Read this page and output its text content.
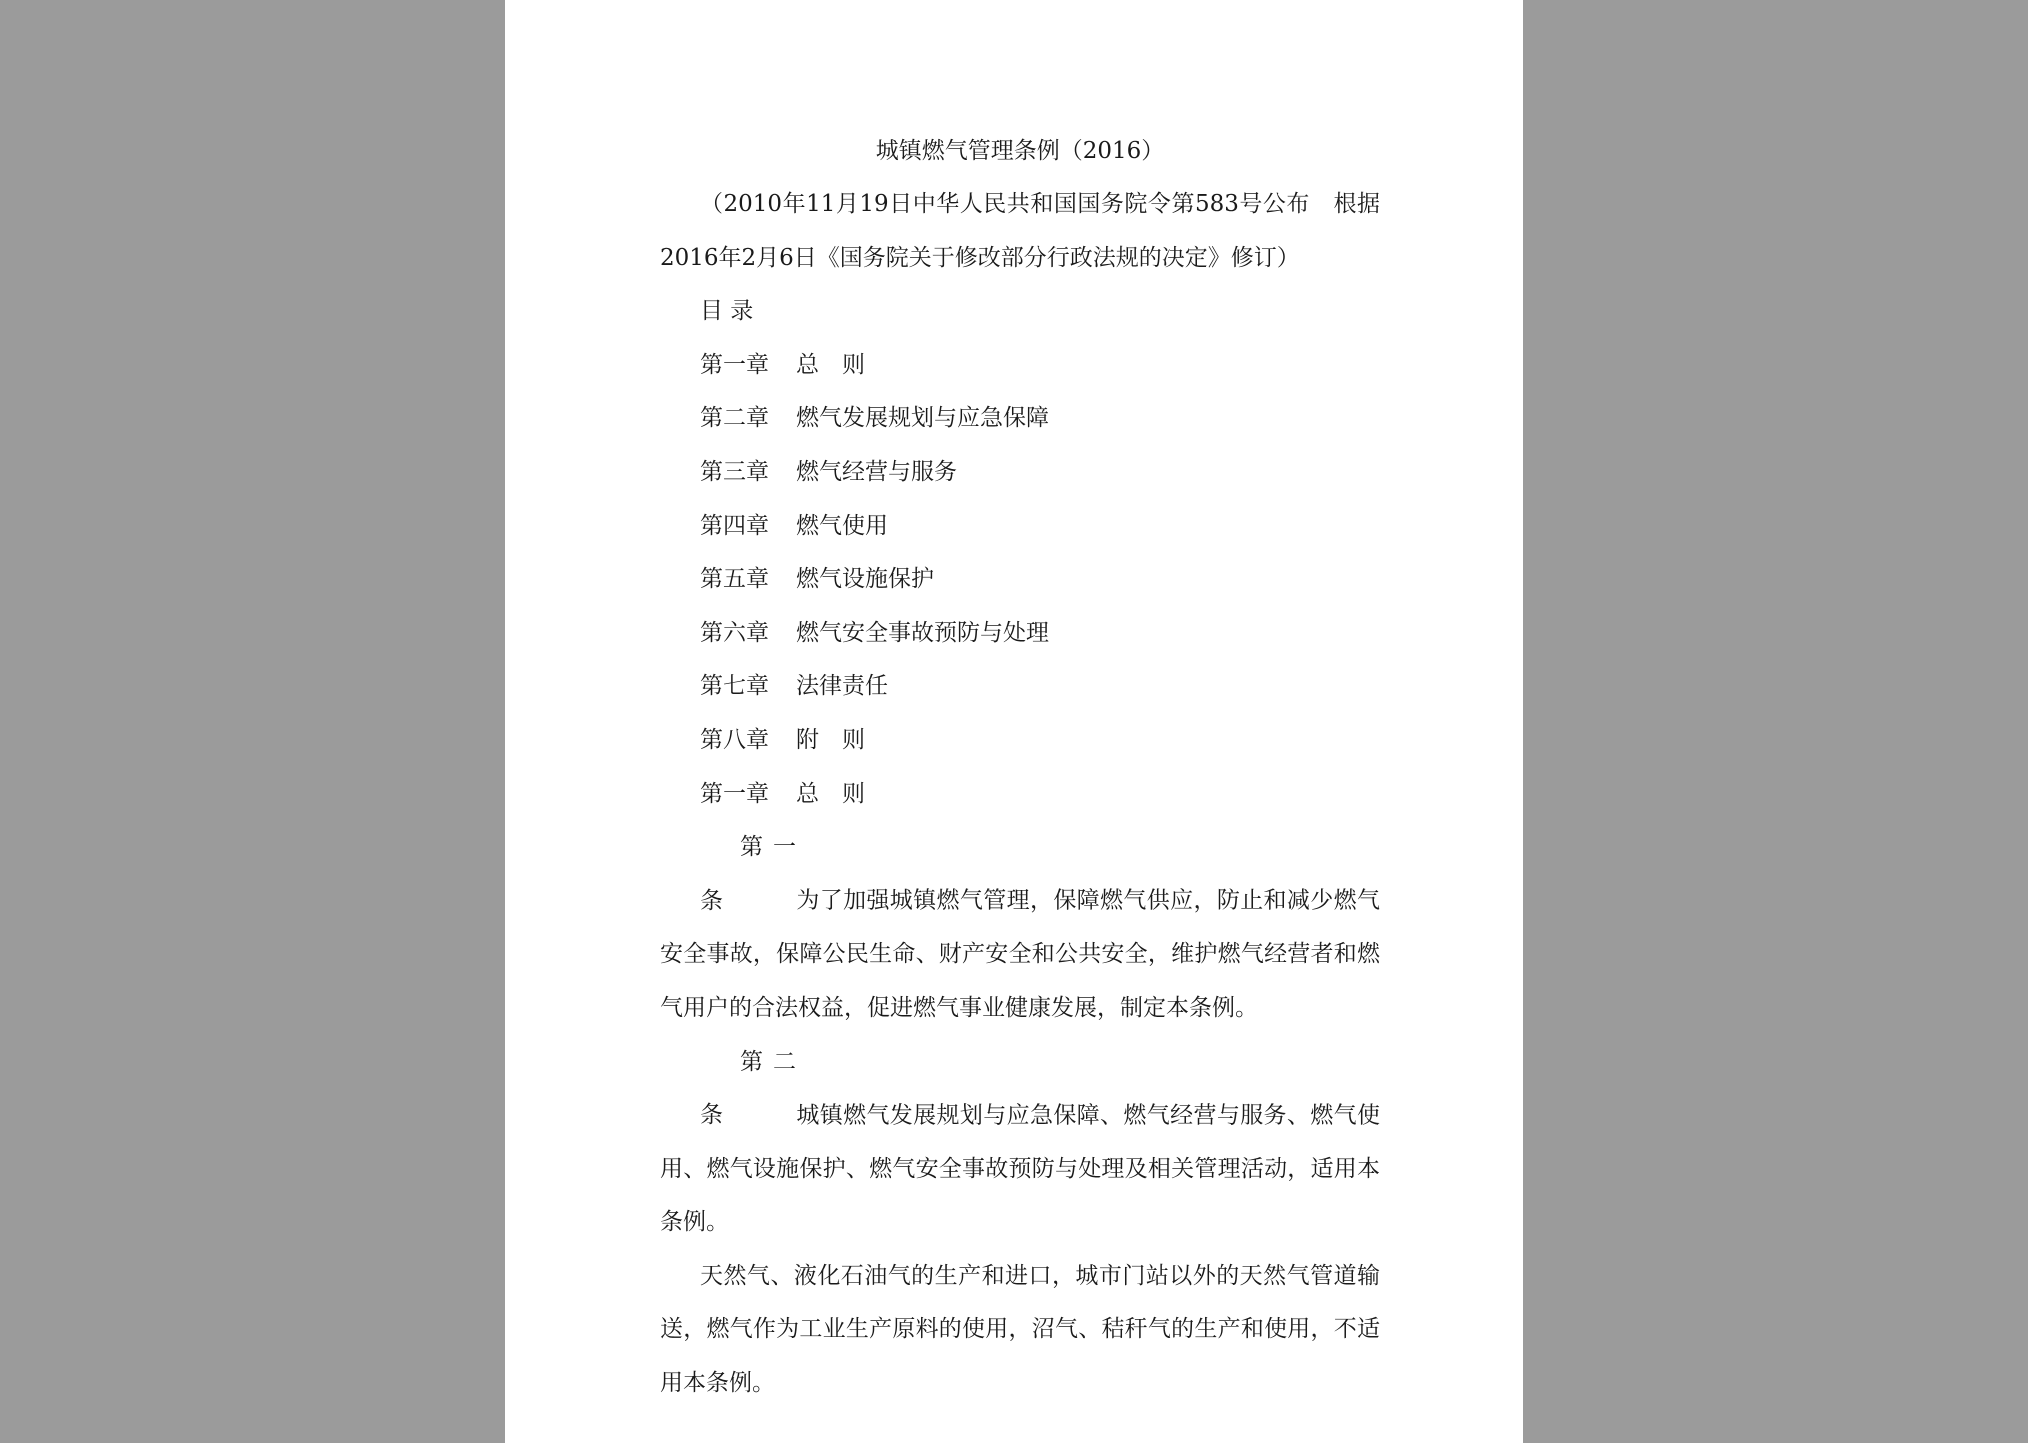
城镇燃气管理条例（2016）

（2010年11月19日中华人民共和国国务院令第583号公布　根据2016年2月6日《国务院关于修改部分行政法规的决定》修订）

目 录
第一章 总　则
第二章 燃气发展规划与应急保障
第三章 燃气经营与服务
第四章 燃气使用
第五章 燃气设施保护
第六章 燃气安全事故预防与处理
第七章 法律责任
第八章 附　则
第一章 总　则

第一条	为了加强城镇燃气管理，保障燃气供应，防止和减少燃气安全事故，保障公民生命、财产安全和公共安全，维护燃气经营者和燃气用户的合法权益，促进燃气事业健康发展，制定本条例。

第二条	城镇燃气发展规划与应急保障、燃气经营与服务、燃气使用、燃气设施保护、燃气安全事故预防与处理及相关管理活动，适用本条例。

天然气、液化石油气的生产和进口，城市门站以外的天然气管道输送，燃气作为工业生产原料的使用，沼气、秸秆气的生产和使用，不适用本条例。
